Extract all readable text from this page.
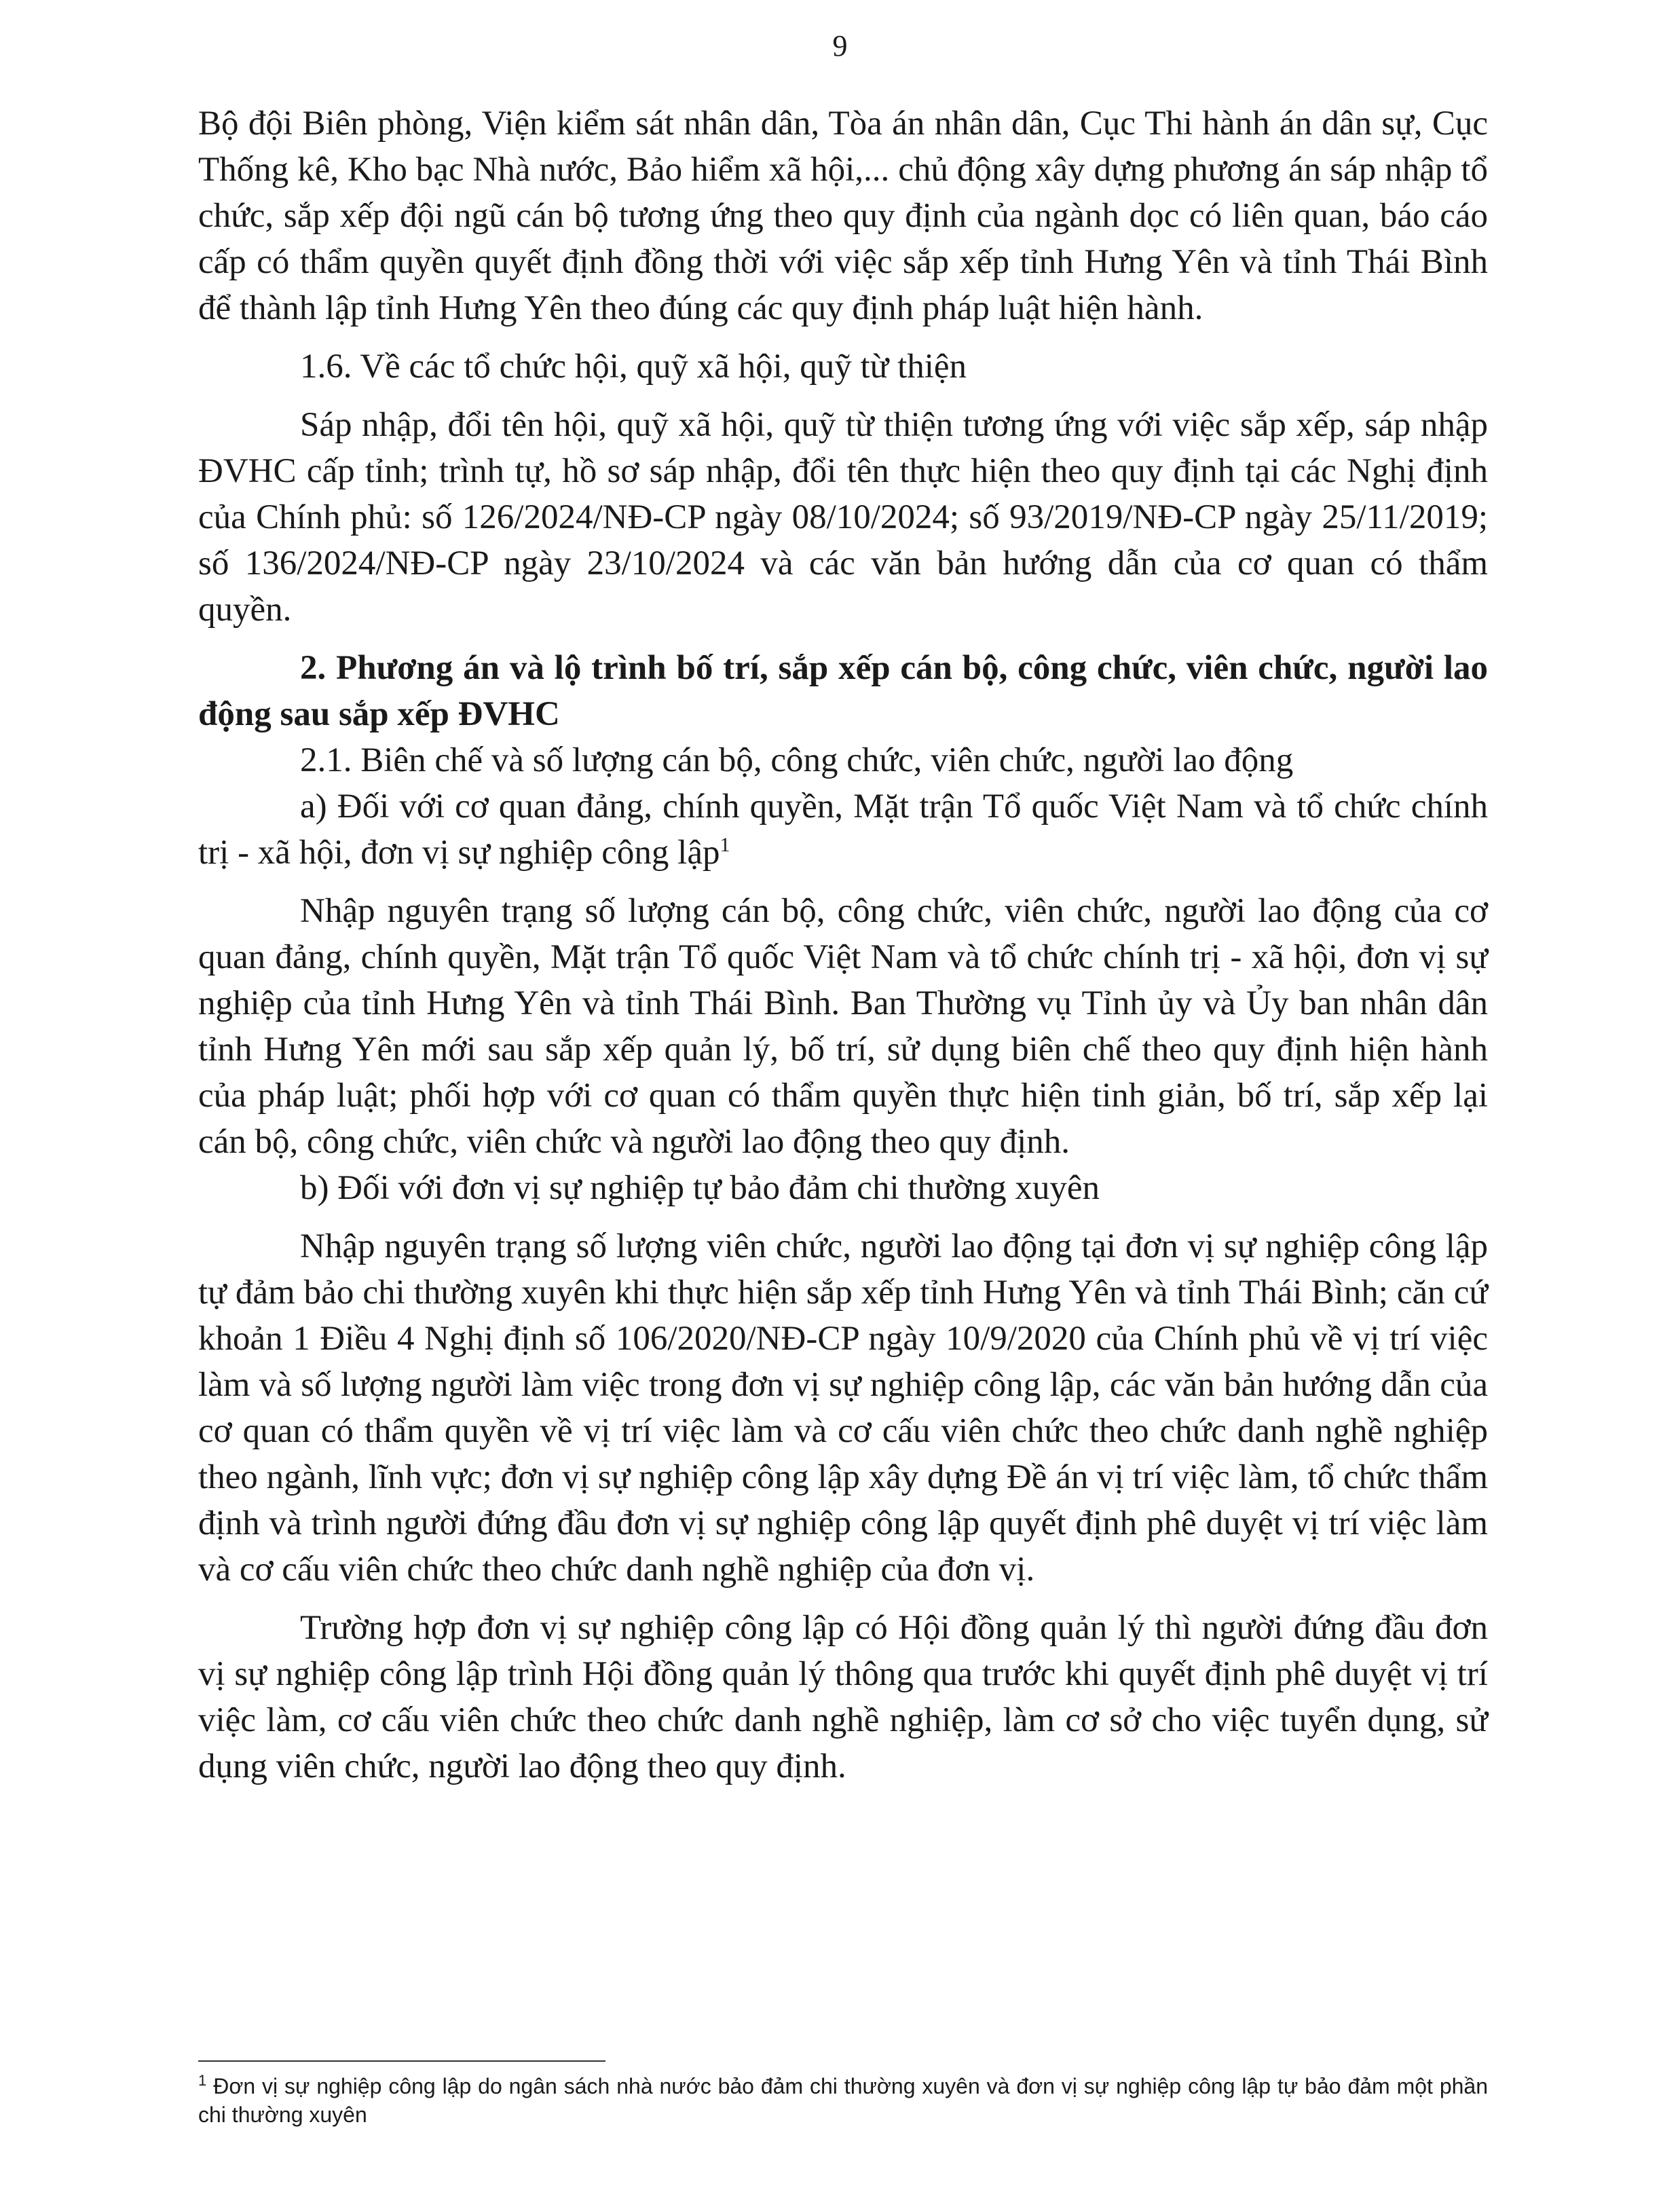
9

Bộ đội Biên phòng, Viện kiểm sát nhân dân, Tòa án nhân dân, Cục Thi hành án dân sự, Cục Thống kê, Kho bạc Nhà nước, Bảo hiểm xã hội,... chủ động xây dựng phương án sáp nhập tổ chức, sắp xếp đội ngũ cán bộ tương ứng theo quy định của ngành dọc có liên quan, báo cáo cấp có thẩm quyền quyết định đồng thời với việc sắp xếp tỉnh Hưng Yên và tỉnh Thái Bình để thành lập tỉnh Hưng Yên theo đúng các quy định pháp luật hiện hành.

1.6. Về các tổ chức hội, quỹ xã hội, quỹ từ thiện

Sáp nhập, đổi tên hội, quỹ xã hội, quỹ từ thiện tương ứng với việc sắp xếp, sáp nhập ĐVHC cấp tỉnh; trình tự, hồ sơ sáp nhập, đổi tên thực hiện theo quy định tại các Nghị định của Chính phủ: số 126/2024/NĐ-CP ngày 08/10/2024; số 93/2019/NĐ-CP ngày 25/11/2019; số 136/2024/NĐ-CP ngày 23/10/2024 và các văn bản hướng dẫn của cơ quan có thẩm quyền.

2. Phương án và lộ trình bố trí, sắp xếp cán bộ, công chức, viên chức, người lao động sau sắp xếp ĐVHC

2.1. Biên chế và số lượng cán bộ, công chức, viên chức, người lao động

a) Đối với cơ quan đảng, chính quyền, Mặt trận Tổ quốc Việt Nam và tổ chức chính trị - xã hội, đơn vị sự nghiệp công lập$^1$

Nhập nguyên trạng số lượng cán bộ, công chức, viên chức, người lao động của cơ quan đảng, chính quyền, Mặt trận Tổ quốc Việt Nam và tổ chức chính trị - xã hội, đơn vị sự nghiệp của tỉnh Hưng Yên và tỉnh Thái Bình. Ban Thường vụ Tỉnh ủy và Ủy ban nhân dân tỉnh Hưng Yên mới sau sắp xếp quản lý, bố trí, sử dụng biên chế theo quy định hiện hành của pháp luật; phối hợp với cơ quan có thẩm quyền thực hiện tinh giản, bố trí, sắp xếp lại cán bộ, công chức, viên chức và người lao động theo quy định.

b) Đối với đơn vị sự nghiệp tự bảo đảm chi thường xuyên

Nhập nguyên trạng số lượng viên chức, người lao động tại đơn vị sự nghiệp công lập tự đảm bảo chi thường xuyên khi thực hiện sắp xếp tỉnh Hưng Yên và tỉnh Thái Bình; căn cứ khoản 1 Điều 4 Nghị định số 106/2020/NĐ-CP ngày 10/9/2020 của Chính phủ về vị trí việc làm và số lượng người làm việc trong đơn vị sự nghiệp công lập, các văn bản hướng dẫn của cơ quan có thẩm quyền về vị trí việc làm và cơ cấu viên chức theo chức danh nghề nghiệp theo ngành, lĩnh vực; đơn vị sự nghiệp công lập xây dựng Đề án vị trí việc làm, tổ chức thẩm định và trình người đứng đầu đơn vị sự nghiệp công lập quyết định phê duyệt vị trí việc làm và cơ cấu viên chức theo chức danh nghề nghiệp của đơn vị.

Trường hợp đơn vị sự nghiệp công lập có Hội đồng quản lý thì người đứng đầu đơn vị sự nghiệp công lập trình Hội đồng quản lý thông qua trước khi quyết định phê duyệt vị trí việc làm, cơ cấu viên chức theo chức danh nghề nghiệp, làm cơ sở cho việc tuyển dụng, sử dụng viên chức, người lao động theo quy định.

$^1$ Đơn vị sự nghiệp công lập do ngân sách nhà nước bảo đảm chi thường xuyên và đơn vị sự nghiệp công lập tự bảo đảm một phần chi thường xuyên
